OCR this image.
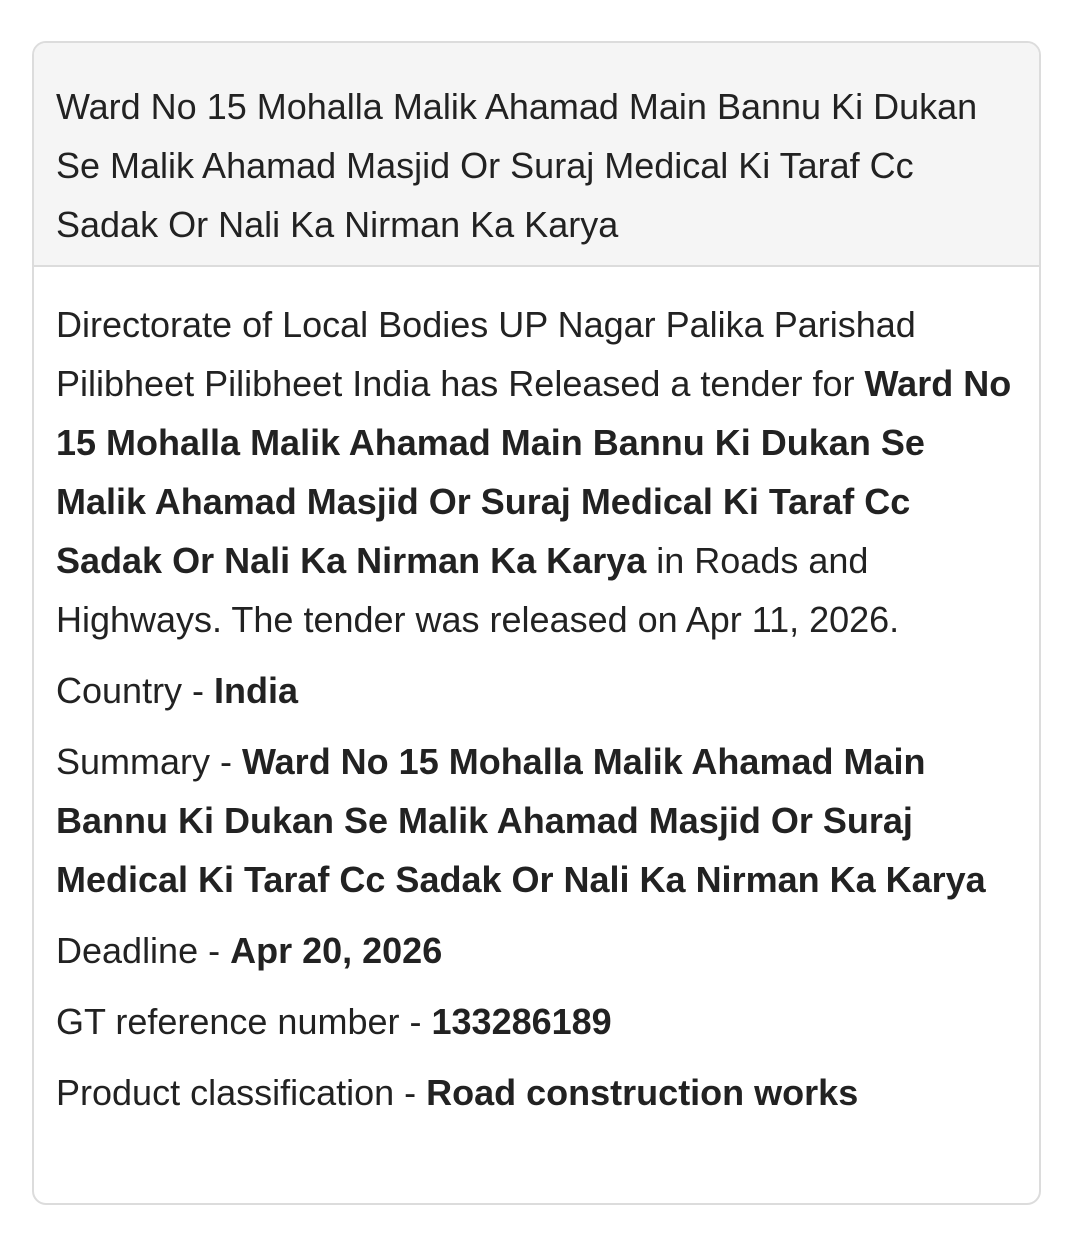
Ward No 15 Mohalla Malik Ahamad Main Bannu Ki Dukan Se Malik Ahamad Masjid Or Suraj Medical Ki Taraf Cc Sadak Or Nali Ka Nirman Ka Karya

Directorate of Local Bodies UP Nagar Palika Parishad Pilibheet Pilibheet India has Released a tender for Ward No 15 Mohalla Malik Ahamad Main Bannu Ki Dukan Se Malik Ahamad Masjid Or Suraj Medical Ki Taraf Cc Sadak Or Nali Ka Nirman Ka Karya in Roads and Highways. The tender was released on Apr 11, 2026.

Country - India

Summary - Ward No 15 Mohalla Malik Ahamad Main Bannu Ki Dukan Se Malik Ahamad Masjid Or Suraj Medical Ki Taraf Cc Sadak Or Nali Ka Nirman Ka Karya

Deadline - Apr 20, 2026

GT reference number - 133286189

Product classification - Road construction works
